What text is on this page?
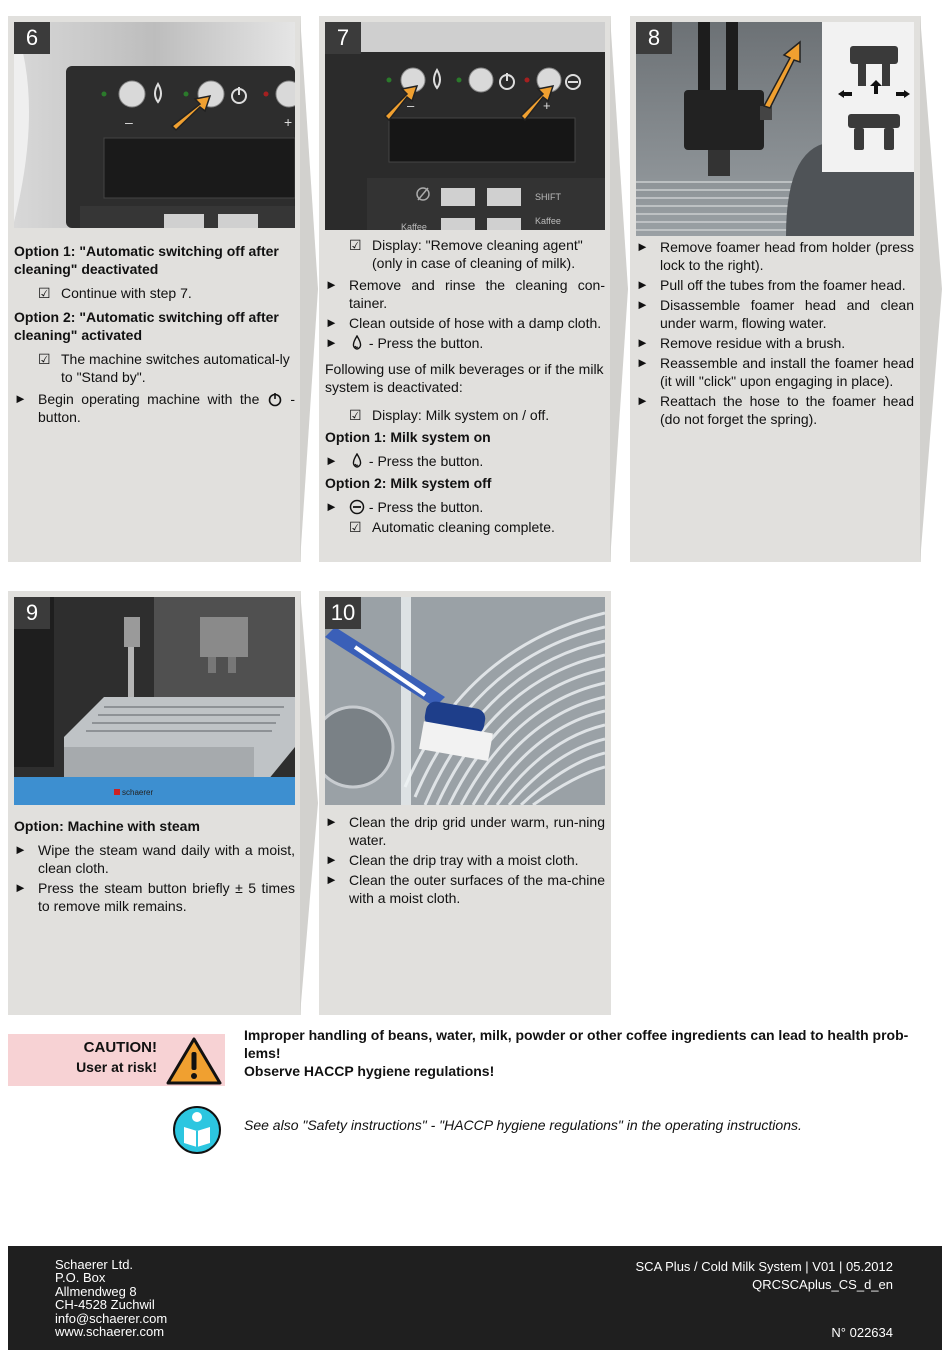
–	+
6
Option 1: "Automatic switching off after cleaning" deactivated
☑ Continue with step 7.
Option 2: "Automatic switching off after cleaning" activated
☑ The machine switches automatical-ly to "Stand by".
► Begin operating machine with the  - button.
–	+
SHIFT
Kaffee
Kaffee
7
☑ Display: "Remove cleaning agent" (only in case of cleaning of milk).
► Remove and rinse the cleaning con-tainer.
► Clean outside of hose with a damp cloth.
► - Press the button.
Following use of milk beverages or if the milk system is deactivated:
☑ Display: Milk system on / off.
Option 1: Milk system on
► - Press the button.
Option 2: Milk system off
► - Press the button.
☑ Automatic cleaning complete.
8
► Remove foamer head from holder (press lock to the right).
► Pull off the tubes from the foamer head.
► Disassemble foamer head and clean under warm, flowing water.
► Remove residue with a brush.
► Reassemble and install the foamer head (it will "click" upon engaging in place).
► Reattach the hose to the foamer head (do not forget the spring).
schaerer
9
Option: Machine with steam
► Wipe the steam wand daily with a moist, clean cloth.
► Press the steam button briefly ± 5 times to remove milk remains.
10
► Clean the drip grid under warm, run-ning water.
► Clean the drip tray with a moist cloth.
► Clean the outer surfaces of the ma-chine with a moist cloth.
CAUTION!
User at risk!
Improper handling of beans, water, milk, powder or other coffee ingredients can lead to health prob-lems!
Observe HACCP hygiene regulations!
See also "Safety instructions" - "HACCP hygiene regulations" in the operating instructions.
Schaerer Ltd.
P.O. Box
Allmendweg 8
CH-4528 Zuchwil
info@schaerer.com
www.schaerer.com
SCA Plus / Cold Milk System | V01 | 05.2012
QRCSCAplus_CS_d_en
N° 022634
